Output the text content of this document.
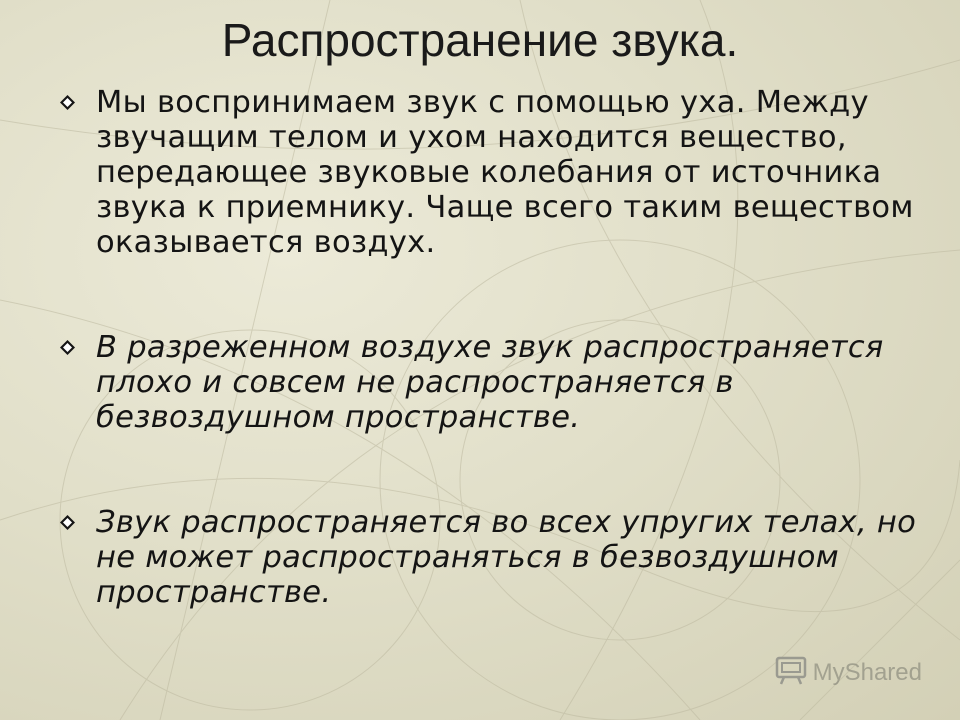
Распространение звука.
Мы воспринимаем звук с помощью уха. Между звучащим телом и ухом находится вещество, передающее звуковые колебания от источника звука к приемнику. Чаще всего таким веществом оказывается воздух.
В разреженном воздухе звук распространяется плохо и совсем не распространяется в безвоздушном пространстве.
Звук распространяется во всех упругих телах, но не может распространяться в безвоздушном пространстве.
MyShared
